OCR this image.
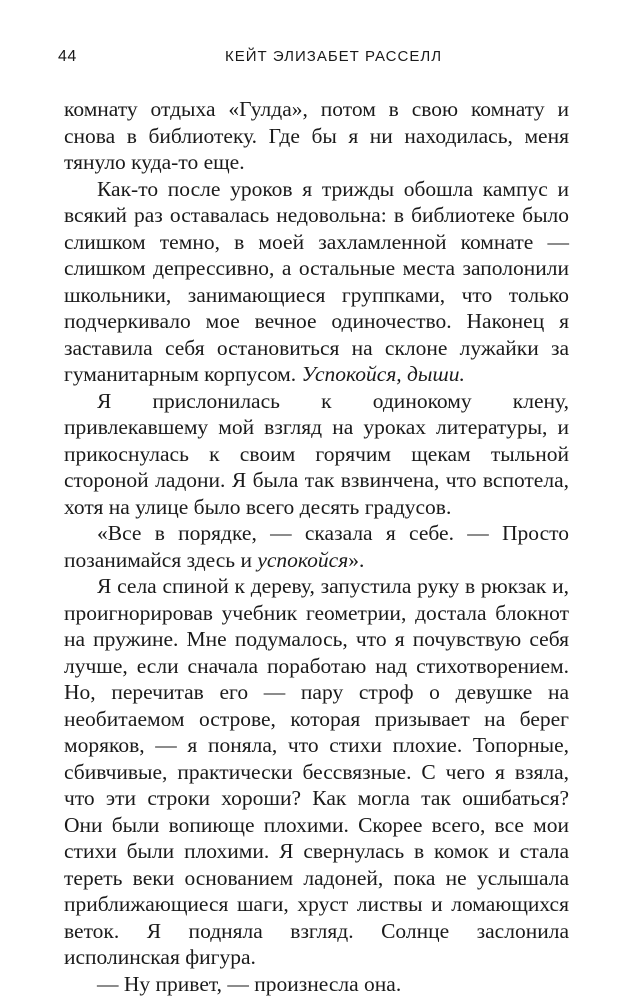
44	КЕЙТ ЭЛИЗАБЕТ РАССЕЛЛ

комнату отдыха «Гулда», потом в свою комнату и снова в библиотеку. Где бы я ни находилась, меня тянуло куда-то еще.

Как-то после уроков я трижды обошла кампус и всякий раз оставалась недовольна: в библиотеке было слишком темно, в моей захламленной комнате — слишком депрессивно, а остальные места заполонили школьники, занимающиеся группками, что только подчеркивало мое вечное одиночество. Наконец я заставила себя остановиться на склоне лужайки за гуманитарным корпусом. Успокойся, дыши.

Я прислонилась к одинокому клену, привлекавшему мой взгляд на уроках литературы, и прикоснулась к своим горячим щекам тыльной стороной ладони. Я была так взвинчена, что вспотела, хотя на улице было всего десять градусов.

«Все в порядке, — сказала я себе. — Просто позанимайся здесь и успокойся».

Я села спиной к дереву, запустила руку в рюкзак и, проигнорировав учебник геометрии, достала блокнот на пружине. Мне подумалось, что я почувствую себя лучше, если сначала поработаю над стихотворением. Но, перечитав его — пару строф о девушке на необитаемом острове, которая призывает на берег моряков, — я поняла, что стихи плохие. Топорные, сбивчивые, практически бессвязные. С чего я взяла, что эти строки хороши? Как могла так ошибаться? Они были вопиюще плохими. Скорее всего, все мои стихи были плохими. Я свернулась в комок и стала тереть веки основанием ладоней, пока не услышала приближающиеся шаги, хруст листвы и ломающихся веток. Я подняла взгляд. Солнце заслонила исполинская фигура.

— Ну привет, — произнесла она.
